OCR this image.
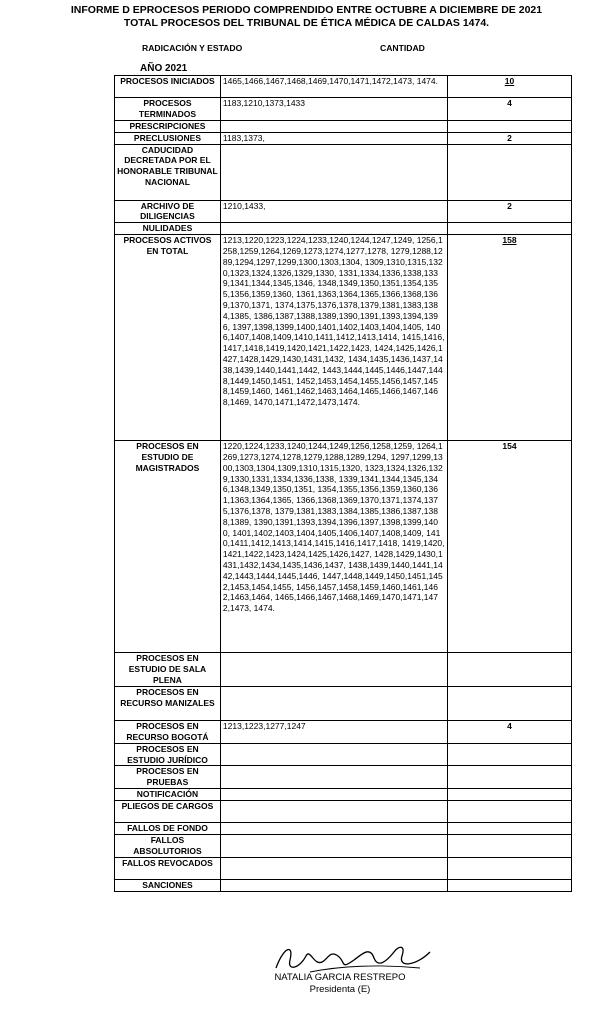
INFORME D EPROCESOS PERIODO COMPRENDIDO ENTRE OCTUBRE A DICIEMBRE DE 2021
TOTAL PROCESOS DEL TRIBUNAL DE ÉTICA MÉDICA DE CALDAS 1474.
RADICACIÓN Y ESTADO	CANTIDAD
AÑO 2021
PROCESOS INICIADOS	1465,1466,1467,1468,1469,1470,1471,1472,1473, 1474.	10
PROCESOS TERMINADOS	1183,1210,1373,1433	4
PRESCRIPCIONES		
PRECLUSIONES	1183,1373,	2
CADUCIDAD DECRETADA POR EL HONORABLE TRIBUNAL NACIONAL		
ARCHIVO DE DILIGENCIAS	1210,1433,	2
NULIDADES		
PROCESOS ACTIVOS EN TOTAL	1213,1220,1223,1224,1233,1240,1244,1247,1249, 1256,1258,1259,1264,1269,1273,1274,1277,1278, 1279,1288,1289,1294,1297,1299,1300,1303,1304, 1309,1310,1315,1320,1323,1324,1326,1329,1330, 1331,1334,1336,1338,1339,1341,1344,1345,1346, 1348,1349,1350,1351,1354,1355,1356,1359,1360, 1361,1363,1364,1365,1366,1368,1369,1370,1371, 1374,1375,1376,1378,1379,1381,1383,1384,1385, 1386,1387,1388,1389,1390,1391,1393,1394,1396, 1397,1398,1399,1400,1401,1402,1403,1404,1405, 1406,1407,1408,1409,1410,1411,1412,1413,1414, 1415,1416,1417,1418,1419,1420,1421,1422,1423, 1424,1425,1426,1427,1428,1429,1430,1431,1432, 1434,1435,1436,1437,1438,1439,1440,1441,1442, 1443,1444,1445,1446,1447,1448,1449,1450,1451, 1452,1453,1454,1455,1456,1457,1458,1459,1460, 1461,1462,1463,1464,1465,1466,1467,1468,1469, 1470,1471,1472,1473,1474.	158
PROCESOS EN ESTUDIO DE MAGISTRADOS	1220,1224,1233,1240,1244,1249,1256,1258,1259, 1264,1269,1273,1274,1278,1279,1288,1289,1294, 1297,1299,1300,1303,1304,1309,1310,1315,1320, 1323,1324,1326,1329,1330,1331,1334,1336,1338, 1339,1341,1344,1345,1346,1348,1349,1350,1351, 1354,1355,1356,1359,1360,1361,1363,1364,1365, 1366,1368,1369,1370,1371,1374,1375,1376,1378, 1379,1381,1383,1384,1385,1386,1387,1388,1389, 1390,1391,1393,1394,1396,1397,1398,1399,1400, 1401,1402,1403,1404,1405,1406,1407,1408,1409, 1410,1411,1412,1413,1414,1415,1416,1417,1418, 1419,1420,1421,1422,1423,1424,1425,1426,1427, 1428,1429,1430,1431,1432,1434,1435,1436,1437, 1438,1439,1440,1441,1442,1443,1444,1445,1446, 1447,1448,1449,1450,1451,1452,1453,1454,1455, 1456,1457,1458,1459,1460,1461,1462,1463,1464, 1465,1466,1467,1468,1469,1470,1471,1472,1473, 1474.	154
PROCESOS EN ESTUDIO DE SALA PLENA		
PROCESOS EN RECURSO MANIZALES		
PROCESOS EN RECURSO BOGOTÁ	1213,1223,1277,1247	4
PROCESOS EN ESTUDIO JURÍDICO		
PROCESOS EN PRUEBAS		
NOTIFICACIÓN		
PLIEGOS DE CARGOS		
FALLOS DE FONDO		
FALLOS ABSOLUTORIOS		
FALLOS REVOCADOS		
SANCIONES		
NATALIA GARCIA RESTREPO
Presidenta (E)
